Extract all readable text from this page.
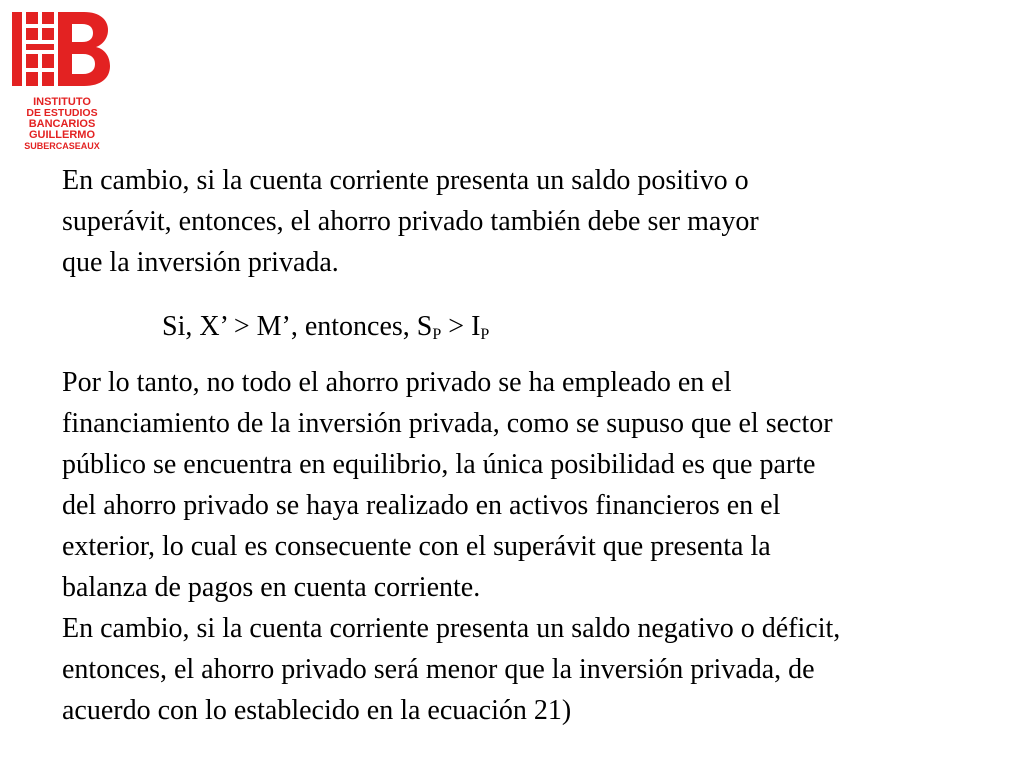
INSTITUTO
DE ESTUDIOS
BANCARIOS
GUILLERMO
SUBERCASEAUX
En cambio, si la cuenta corriente presenta un saldo positivo o
superávit, entonces, el ahorro privado también debe ser mayor
que la inversión privada.
Si, X’ > M’, entonces, $S_P > I_P$
Por lo tanto, no todo el ahorro privado se ha empleado en el
financiamiento de la inversión privada, como se supuso que el sector
público se encuentra en equilibrio, la única posibilidad es que parte
del ahorro privado se haya realizado en activos financieros en el
exterior, lo cual es consecuente con el superávit que presenta la
balanza de pagos en cuenta corriente.
En cambio, si la cuenta corriente presenta un saldo negativo o déficit,
entonces, el ahorro privado será menor que la inversión privada, de
acuerdo con lo establecido en la ecuación 21)
